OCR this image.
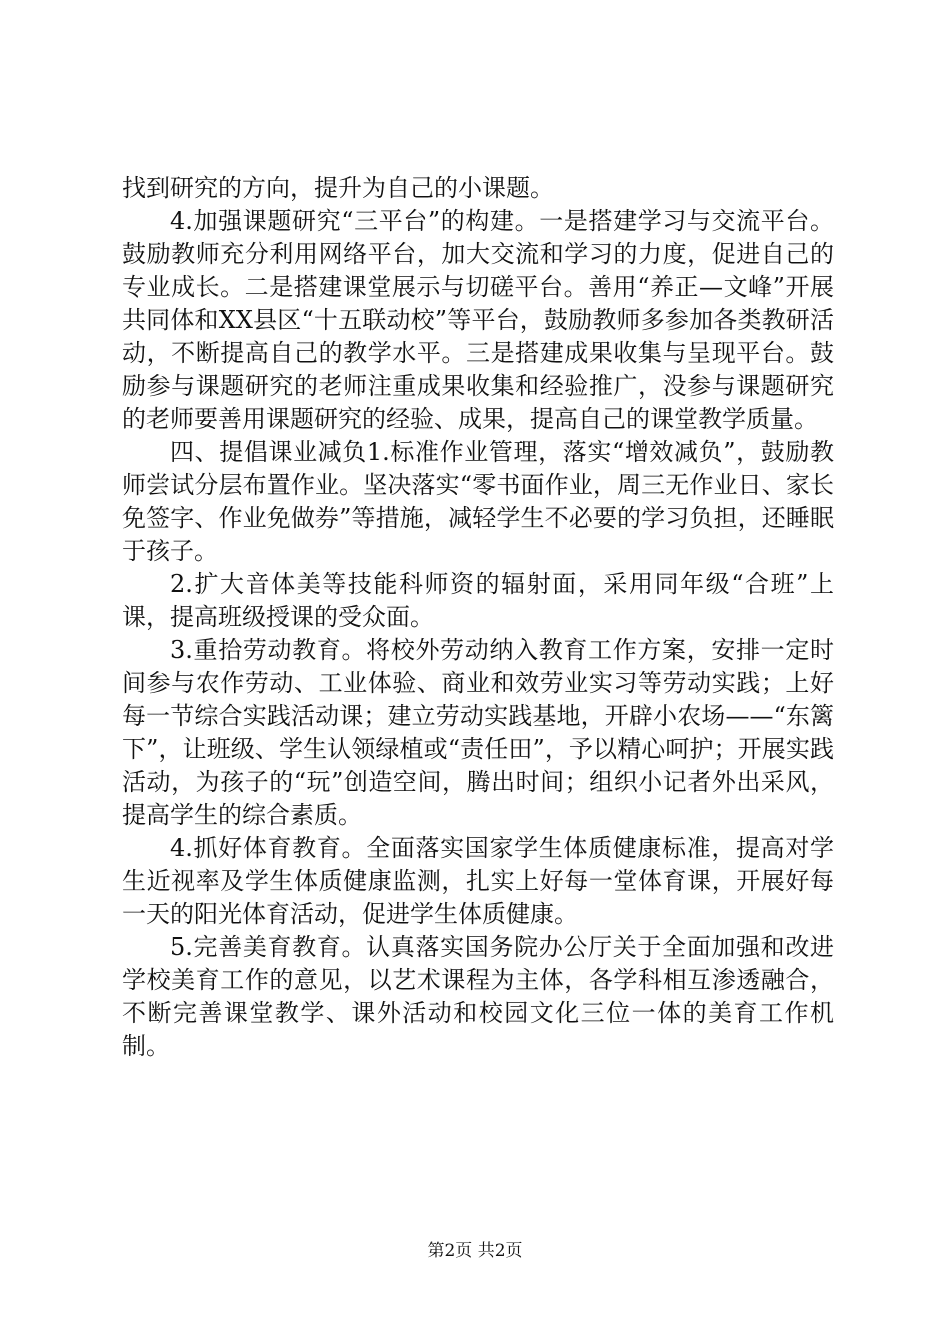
找到研究的方向，提升为自己的小课题。

4.加强课题研究“三平台”的构建。一是搭建学习与交流平台。鼓励教师充分利用网络平台，加大交流和学习的力度，促进自己的专业成长。二是搭建课堂展示与切磋平台。善用“养正—文峰”开展共同体和XX县区“十五联动校”等平台，鼓励教师多参加各类教研活动，不断提高自己的教学水平。三是搭建成果收集与呈现平台。鼓励参与课题研究的老师注重成果收集和经验推广，没参与课题研究的老师要善用课题研究的经验、成果，提高自己的课堂教学质量。

四、提倡课业减负1.标准作业管理，落实“增效减负”，鼓励教师尝试分层布置作业。坚决落实“零书面作业，周三无作业日、家长免签字、作业免做券”等措施，减轻学生不必要的学习负担，还睡眠于孩子。

2.扩大音体美等技能科师资的辐射面，采用同年级“合班”上课，提高班级授课的受众面。

3.重拾劳动教育。将校外劳动纳入教育工作方案，安排一定时间参与农作劳动、工业体验、商业和效劳业实习等劳动实践；上好每一节综合实践活动课；建立劳动实践基地，开辟小农场——“东篱下”，让班级、学生认领绿植或“责任田”，予以精心呵护；开展实践活动，为孩子的“玩”创造空间，腾出时间；组织小记者外出采风，提高学生的综合素质。

4.抓好体育教育。全面落实国家学生体质健康标准，提高对学生近视率及学生体质健康监测，扎实上好每一堂体育课，开展好每一天的阳光体育活动，促进学生体质健康。

5.完善美育教育。认真落实国务院办公厅关于全面加强和改进学校美育工作的意见，以艺术课程为主体，各学科相互渗透融合，不断完善课堂教学、课外活动和校园文化三位一体的美育工作机制。

第2页 共2页
